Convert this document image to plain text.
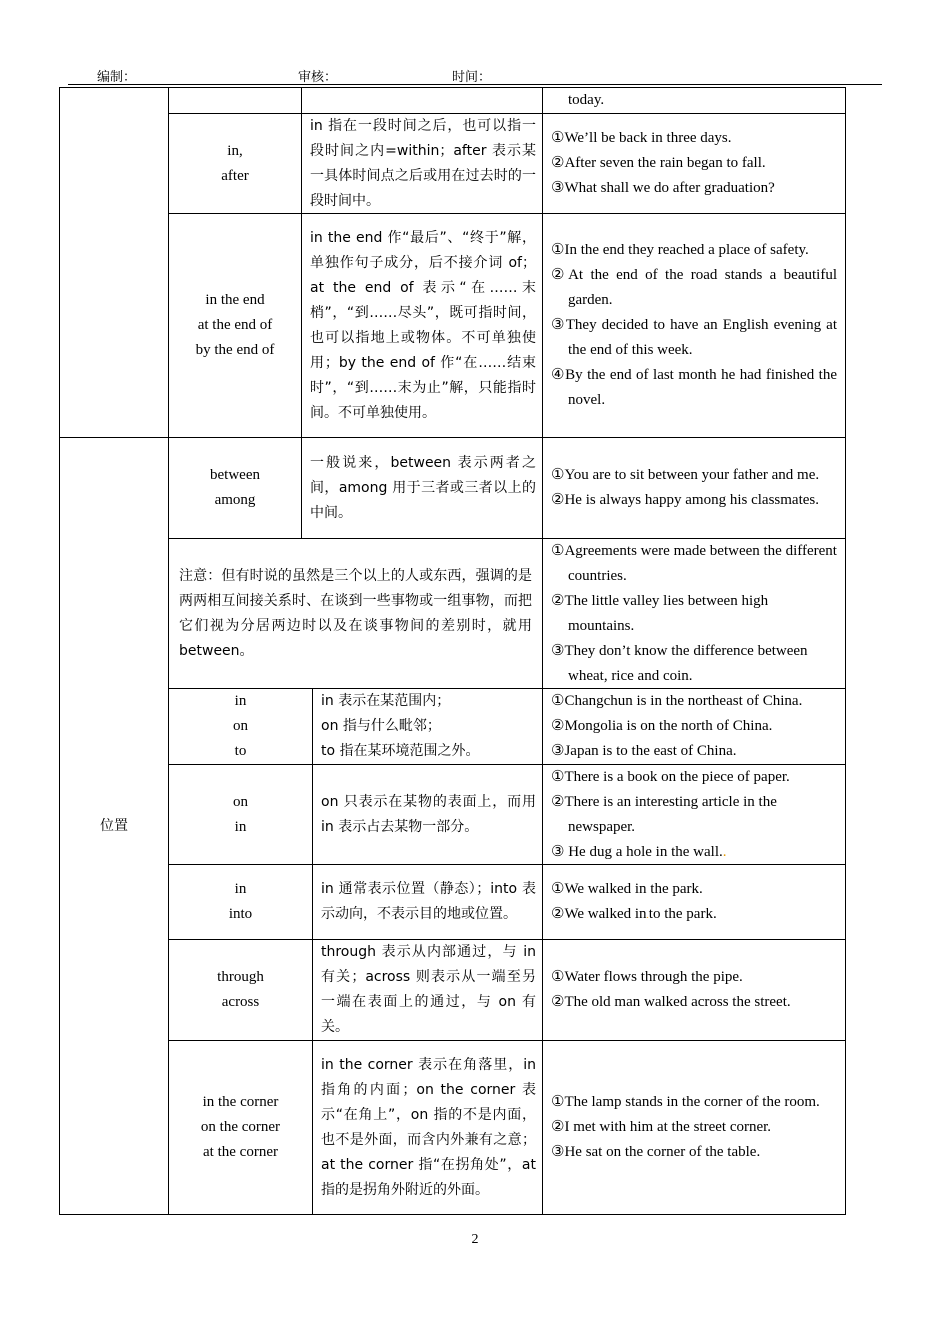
编制：	审核：	时间：
位置

today.

in,
after
in 指在一段时间之后，也可以指一段时间之内=within；after 表示某一具体时间点之后或用在过去时的一段时间中。

①We’ll be back in three days.

②After seven the rain began to fall.

③What shall we do after graduation?

in the end
at the end of
by the end of
in the end 作“最后”、“终于”解，单独作句子成分，后不接介词 of；at the end of 表示“在……末梢”，“到……尽头”，既可指时间，也可以指地上或物体。不可单独使用；by the end of 作“在……结束时”，“到……末为止”解，只能指时间。不可单独使用。

①In the end they reached a place of safety.

②At the end of the road stands a beautiful garden.

③They decided to have an English evening at the end of this week.

④By the end of last month he had finished the novel.

between
among
一般说来，between 表示两者之间，among 用于三者或三者以上的中间。

①You are to sit between your father and me.

②He is always happy among his classmates.

注意：但有时说的虽然是三个以上的人或东西，强调的是两两相互间接关系时、在谈到一些事物或一组事物，而把它们视为分居两边时以及在谈事物间的差别时，就用 between。

①Agreements were made between the different countries.

②The little valley lies between high mountains.

③They don’t know the difference between wheat, rice and coin.

in
on
to
in 表示在某范围内；
on 指与什么毗邻；
to 指在某环境范围之外。

①Changchun is in the northeast of China.

②Mongolia is on the north of China.

③Japan is to the east of China.

on
in
on 只表示在某物的表面上，而用 in 表示占去某物一部分。

①There is a book on the piece of paper.

②There is an interesting article in the newspaper.

③ He dug a hole in the wall..

in
into
in 通常表示位置（静态）；into 表示动向，不表示目的地或位置。

①We walked in the park.

②We walked in.to the park.

through
across
through 表示从内部通过，与 in 有关；across 则表示从一端至另一端在表面上的通过，与 on 有关。

①Water flows through the pipe.

②The old man walked across the street.

in the corner
on the corner
at the corner
in the corner 表示在角落里，in 指角的内面；on the corner 表示“在角上”，on 指的不是内面，也不是外面，而含内外兼有之意；at the corner 指“在拐角处”，at 指的是拐角外附近的外面。

①The lamp stands in the corner of the room.

②I met with him at the street corner.

③He sat on the corner of the table.

2
